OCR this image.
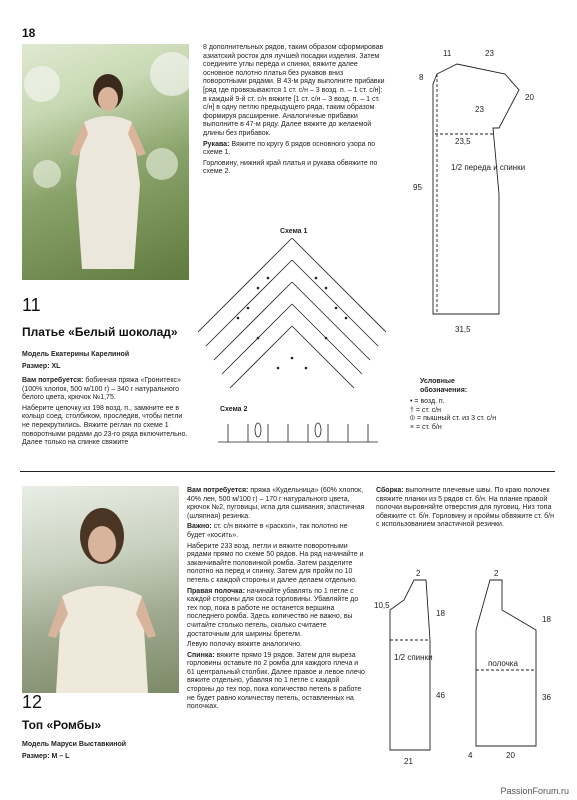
18
11
Платье «Белый шоколад»
Модель Екатерины Карелиной
Размер: XL

Вам потребуется: бобинная пряжа «Гронитекс» (100% хлопок, 500 м/100 г) – 340 г натурального белого цвета, крючок №1,75.

Наберите цепочку из 198 возд. п., замкните ее в кольцо соед. столбиком, проследив, чтобы петли не перекрутились. Вяжите реглан по схеме 1 поворотными рядами до 23-го ряда включительно. Далее только на спинке свяжите

8 дополнительных рядов, таким образом сформировав азиатский росток для лучшей посадки изделия. Затем соедините углы переда и спинки, вяжите далее основное полотно платья без рукавов вниз поворотными рядами. В 43-м ряду выполните прибавки [ряд где провязываются 1 ст. с/н – 3 возд. п. – 1 ст. с/н]: в каждый 9-й ст. с/н вяжите [1 ст. с/н – 3 возд. п. – 1 ст. с/н] в одну петлю предыдущего ряда, таким образом формируя расширение. Аналогичные прибавки выполните в 47-м ряду. Далее вяжите до желаемой длины без прибавок.

Рукава: Вяжите по кругу 6 рядов основного узора по схеме 1.

Горловину, нижний край платья и рукава обвяжите по схеме 2.

Схема 1
Схема 2
11	23
8
20
23
23,5
95
31,5
1/2 переда и спинки
Условные обозначения:
• = возд. п.
† = ст. с/н
⦶ = пышный ст. из 3 ст. с/н
× = ст. б/н
12
Топ «Ромбы»
Модель Маруси Выставкиной
Размер: M – L

Вам потребуется: пряжа «Кудельница» (60% хлопок, 40% лен, 500 м/100 г) – 170 г натурального цвета, крючок №2, пуговицы, игла для сшивания, эластичная (шляпная) резинка.

Важно: ст. с/н вяжите в «раскол», так полотно не будет «косить».

Наберите 233 возд. петли и вяжите поворотными рядами прямо по схеме 50 рядов. На ряд начинайте и заканчивайте половинкой ромба. Затем разделите полотно на перед и спинку. Затем для пройм по 10 петель с каждой стороны и далее делаем отдельно.

Правая полочка: начинайте убавлять по 1 петле с каждой стороны для скоса горловины. Убавляйте до тех пор, пока в работе не останется вершина последнего ромба. Здесь количество не важно, вы считайте столько петель, сколько считаете достаточным для ширины бретели.

Левую полочку вяжите аналогично.

Спинка: вяжите прямо 19 рядов. Затем для выреза горловины оставьте по 2 ромба для каждого плеча и 61 центральный столбик. Далее правое и левое плечо вяжите отдельно, убавляя по 1 петле с каждой стороны до тех пор, пока количество петель в работе не будет равно количеству петель, оставленных на полочках.

Сборка: выполните плечевые швы. По краю полочек свяжите планки из 5 рядов ст. б/н. На планке правой полочки выровняйте отверстия для пуговиц. Низ топа обвяжите ст. б/н. Горловину и проймы обвяжите ст. б/н с использованием эластичной резинки.

2
10,5
18
46
21
1/2 спинки
2
18
36
4	20
полочка
PassionForum.ru
